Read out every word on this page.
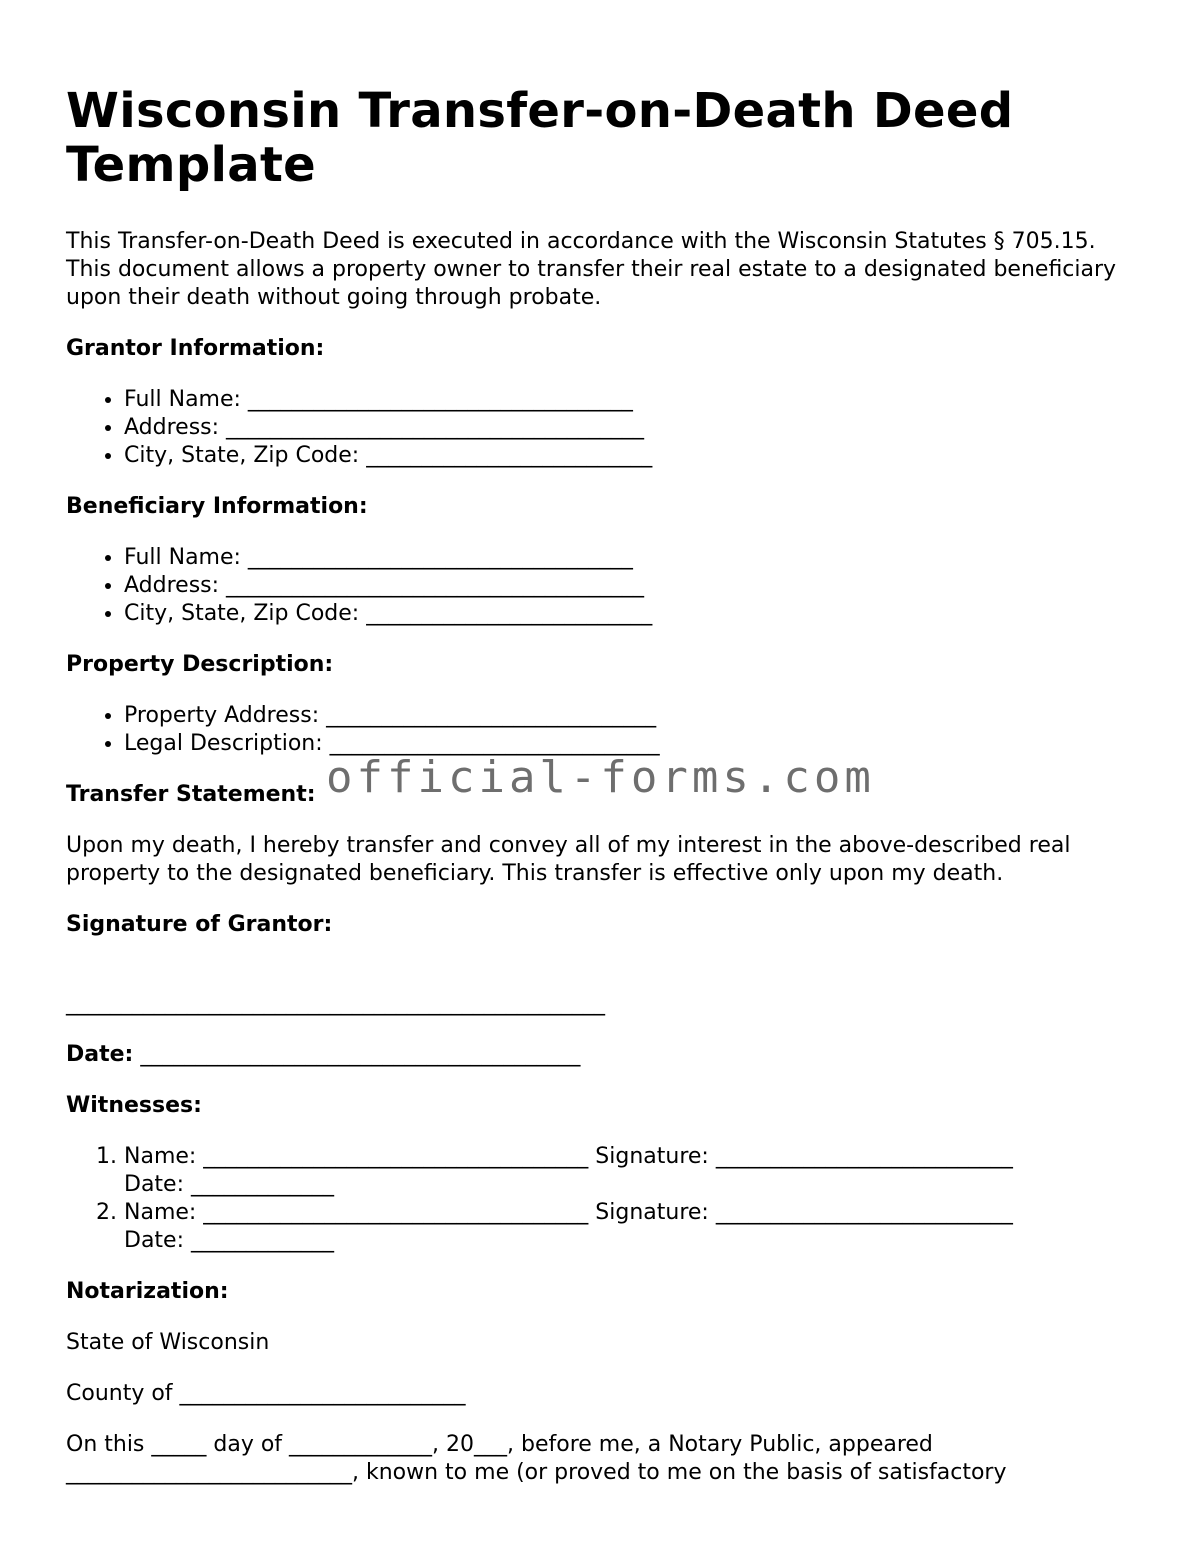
Wisconsin Transfer-on-Death Deed Template

This Transfer-on-Death Deed is executed in accordance with the Wisconsin Statutes § 705.15. This document allows a property owner to transfer their real estate to a designated beneficiary upon their death without going through probate.

Grantor Information:

• Full Name: ___________________________________
• Address: ______________________________________
• City, State, Zip Code: __________________________

Beneficiary Information:

• Full Name: ___________________________________
• Address: ______________________________________
• City, State, Zip Code: __________________________

Property Description:

• Property Address: ______________________________
• Legal Description: ______________________________

Transfer Statement:

Upon my death, I hereby transfer and convey all of my interest in the above-described real property to the designated beneficiary. This transfer is effective only upon my death.

Signature of Grantor:

_________________________________________________

Date: ________________________________________

Witnesses:

1. Name: ___________________________________ Signature: ___________________________
Date: _____________
2. Name: ___________________________________ Signature: ___________________________
Date: _____________

Notarization:

State of Wisconsin

County of __________________________

On this _____ day of _____________, 20___, before me, a Notary Public, appeared __________________________, known to me (or proved to me on the basis of satisfactory

official-forms.com
